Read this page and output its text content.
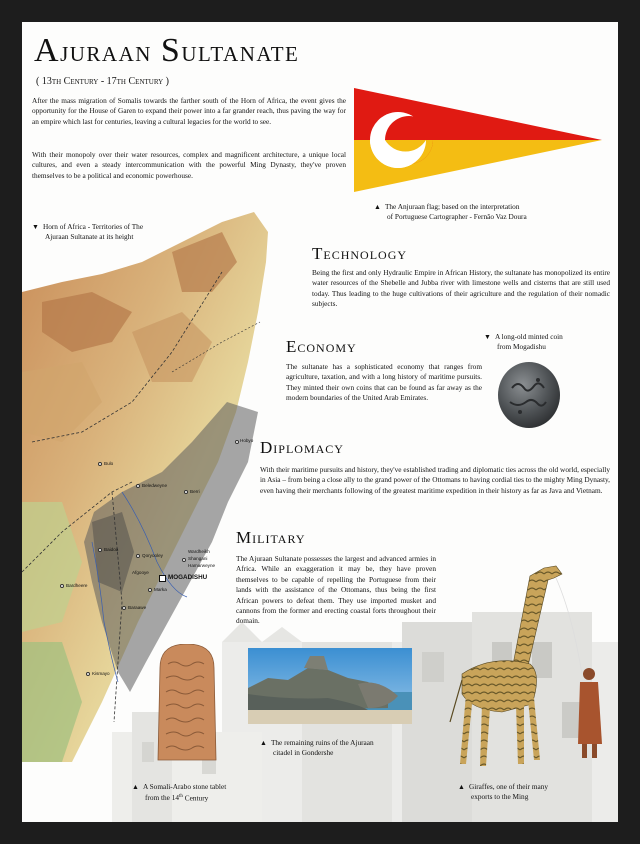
Ajuraan Sultanate
( 13th Century - 17th Century )
After the mass migration of Somalis towards the farther south of the Horn of Africa, the event gives the opportunity for the House of Garen to expand their power into a far grander reach, thus paving the way for an empire which last for centuries, leaving a cultural legacies for the world to see.
With their monopoly over their water resources, complex and magnificent architecture, a unique local cultures, and even a steady intercommunication with the powerful Ming Dynasty, they've proven themselves to be a political and economic powerhouse.
▲ The Anjuraan flag; based on the interpretation
of Portuguese Cartographer - Fernão Vaz Doura
▼ Horn of Africa - Territories of The
Ajuraan Sultanate at its height
Hobyo
Bulo
Beledweyne
Berri
Baidoa
Qoryooley
Wardheikh
Shangani
Hamarweyne
Afgooye
MOGADISHU
Marka
Bardheere
Baraawe
Kismayo
Technology
Being the first and only Hydraulic Empire in African History, the sultanate has monopolized its entire water resources of the Shebelle and Jubba river with limestone wells and cisterns that are still used today. Thus leading to the huge cultivations of their agriculture and the regulation of their nomadic subjects.
Economy
The sultanate has a sophisticated economy that ranges from agriculture, taxation, and with a long history of maritime pursuits. They minted their own coins that can be found as far away as the modern boundaries of the United Arab Emirates.
▼ A long-old minted coin
from Mogadishu
Diplomacy
With their maritime pursuits and history, they've established trading and diplomatic ties across the old world, especially in Asia – from being a close ally to the grand power of the Ottomans to having cordial ties to the mighty Ming Dynasty, even having their merchants following of the greatest maritime expedition in their history as far as Java and Vietnam.
Military
The Ajuraan Sultanate possesses the largest and advanced armies in Africa. While an exaggeration it may be, they have proven themselves to be capable of repelling the Portuguese from their lands with the assistance of the Ottomans, thus being the first African powers to defeat them. They use imported musket and cannons from the former and erecting coastal forts throughout their domain.
▲ The remaining ruins of the Ajuraan
citadel in Gondershe
▲ A Somali-Arabo stone tablet
from the 14th Century
▲ Giraffes, one of their many
exports to the Ming
